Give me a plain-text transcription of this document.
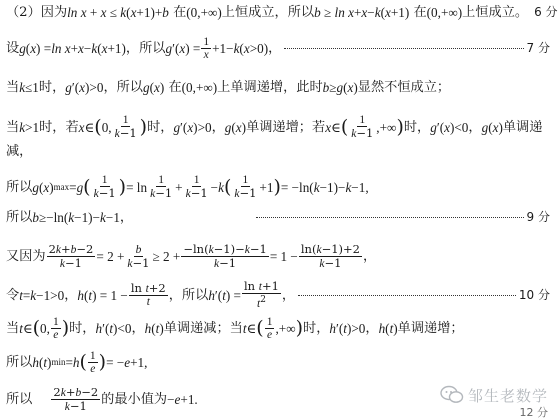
（2）因为 ln x + x ≤ k ( x +1)+ b 在 (0,+∞) 上恒成立，所以 b ≥ ln x + x − k ( x +1) 在 (0,+∞) 上恒成立。 6 分
设 g ( x ) = ln x + x − k ( x +1) ，所以 g ′( x ) = $\frac{1}{x} +1- k$ ( x >0) ，	7 分
当 k ≤1 时， g ′( x )>0 ，所以 g ( x ) 在 (0,+∞) 上单调递增，此时 b ≥ g ( x ) 显然不恒成立；
当 k >1 时，若 x ∈ ( 0, $\frac{1}{k-1}$ ) 时， g ′( x )>0 ， g ( x ) 单调递增；若 x ∈ ( $\frac{1}{k-1}$ ,+∞ ) 时， g ′( x )<0 ， g ( x ) 单调递
减，
所以 g ( x ) max = g ( $\frac{1}{k-1}$ ) = $\ln \frac{1}{k-1} + \frac{1}{k-1} - k$ ( $\frac{1}{k-1} +1$ ) = −ln( k −1)− k −1,
所以 b ≥−ln( k −1)− k −1 ，	9 分
又因为 $\frac{2k+b-2}{k-1} = 2 + \frac{b}{k-1} \ge 2 + \frac{-\ln(k-1)-k-1}{k-1} = 1 - \frac{\ln(k-1)+2}{k-1}$ ，
令 t = k −1>0 ， h ( t ) = $1 - \frac{\text{ln t+2}}{t}$ ，所以 h ′( t ) = $\frac{\text{ln t+1}}{t^2}$ ，	10 分
当 t ∈ ( 0, $\frac{1}{e}$ ) 时， h ′( t )<0 ， h ( t ) 单调递减；当 t ∈ ( $\frac{1}{e}$ ,+∞ ) 时， h ′( t )>0 ， h ( t ) 单调递增；
所以 h ( t ) min = h ( $\frac{1}{e}$ ) = − e +1,
所以 $\frac{2k+b-2}{k-1}$ 的最小值为 − e +1.	邹生老数学
12 分
